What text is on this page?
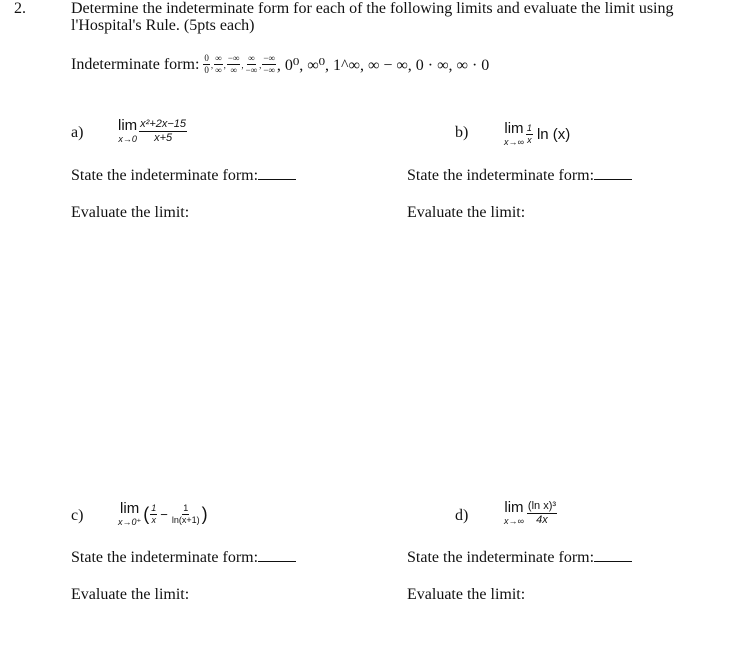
2.	Determine the indeterminate form for each of the following limits and evaluate the limit using
l'Hospital's Rule. (5pts each)
Indeterminate form: $\frac{0}{0}$ , $\frac{\infty}{\infty}$ , $\frac{-\infty}{\infty}$ , $\frac{\infty}{-\infty}$ , $\frac{-\infty}{-\infty}$ , 0⁰, ∞⁰, 1^∞, ∞ − ∞, 0 · ∞, ∞ · 0
a) lim
$x\to 0 \frac{\text{x²+2x−15}}{x+5}$
State the indeterminate form:
Evaluate the limit:
b) lim
$x\to\infty \frac{1}{x}$ ln (x)
State the indeterminate form:
Evaluate the limit:
c) lim
x→0⁺ ( $\frac{1}{x} - \frac{1}{\ln(x+1)}$ )
State the indeterminate form:
Evaluate the limit:
d) lim
$x\to\infty \frac{\text{(ln x)³}}{4x}$
State the indeterminate form:
Evaluate the limit:
